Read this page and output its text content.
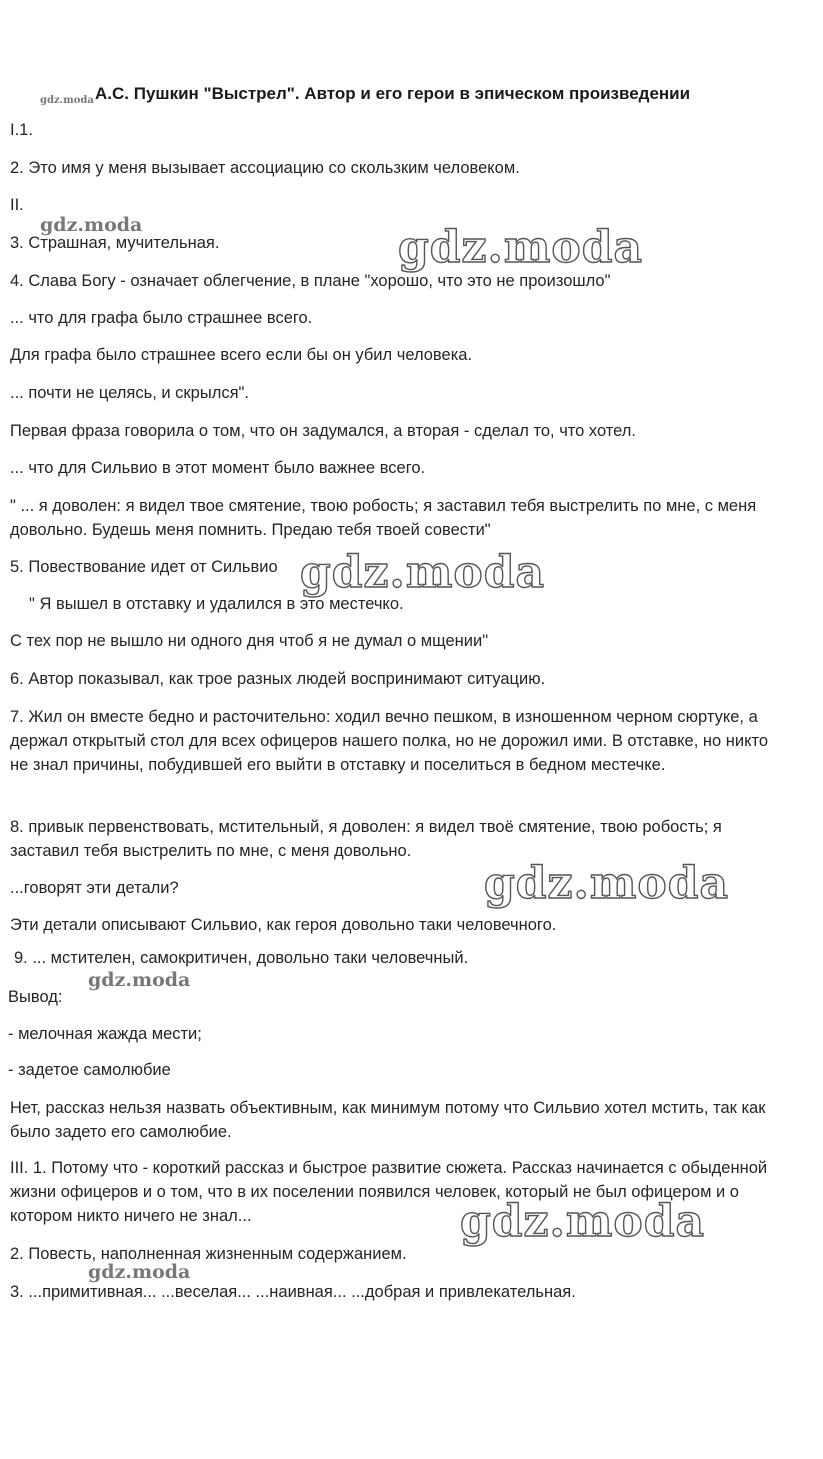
gdz.moda
gdz.moda	gdz.moda
gdz.moda
gdz.moda
gdz.moda
gdz.moda
gdz.moda
А.С. Пушкин "Выстрел". Автор и его герои в эпическом произведении
I.1.
2. Это имя у меня вызывает ассоциацию со скользким человеком.
II.
3. Страшная, мучительная.
4. Слава Богу - означает облегчение, в плане "хорошо, что это не произошло"
... что для графа было страшнее всего.
Для графа было страшнее всего если бы он убил человека.
... почти не целясь, и скрылся".
Первая фраза говорила о том, что он задумался, а вторая - сделал то, что хотел.
... что для Сильвио в этот момент было важнее всего.
" ... я доволен: я видел твое смятение, твою робость; я заставил тебя выстрелить по мне, с меня довольно. Будешь меня помнить. Предаю тебя твоей совести"
5. Повествование идет от Сильвио
" Я вышел в отставку и удалился в это местечко.
С тех пор не вышло ни одного дня чтоб я не думал о мщении"
6. Автор показывал, как трое разных людей воспринимают ситуацию.
7. Жил он вместе бедно и расточительно: ходил вечно пешком, в изношенном черном сюртуке, а держал открытый стол для всех офицеров нашего полка, но не дорожил ими. В отставке, но никто не знал причины, побудившей его выйти в отставку и поселиться в бедном местечке.
8. привык первенствовать, мстительный, я доволен: я видел твоё смятение, твою робость; я заставил тебя выстрелить по мне, с меня довольно.
...говорят эти детали?
Эти детали описывают Сильвио, как героя довольно таки человечного.
9. ... мстителен, самокритичен, довольно таки человечный.
Вывод:
- мелочная жажда мести;
- задетое самолюбие
Нет, рассказ нельзя назвать объективным, как минимум потому что Сильвио хотел мстить, так как было задето его самолюбие.
III. 1. Потому что - короткий рассказ и быстрое развитие сюжета. Рассказ начинается с обыденной жизни офицеров и о том, что в их поселении появился человек, который не был офицером и о котором никто ничего не знал...
2. Повесть, наполненная жизненным содержанием.
3. ...примитивная... ...веселая... ...наивная... ...добрая и привлекательная.
